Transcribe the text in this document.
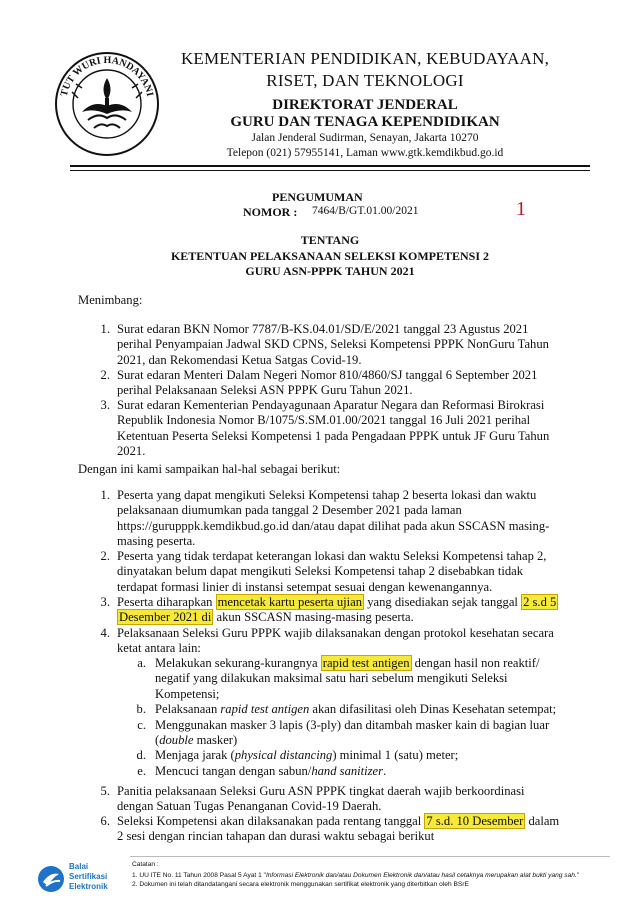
TUT WURI HANDAYANI
KEMENTERIAN PENDIDIKAN, KEBUDAYAAN,
RISET, DAN TEKNOLOGI
DIREKTORAT JENDERAL
GURU DAN TENAGA KEPENDIDIKAN
Jalan Jenderal Sudirman, Senayan, Jakarta 10270
Telepon (021) 57955141, Laman www.gtk.kemdikbud.go.id
PENGUMUMAN
NOMOR : 7464/B/GT.01.00/2021	1
TENTANG
KETENTUAN PELAKSANAAN SELEKSI KOMPETENSI 2
GURU ASN-PPPK TAHUN 2021
Menimbang:
1. Surat edaran BKN Nomor 7787/B-KS.04.01/SD/E/2021 tanggal 23 Agustus 2021
perihal Penyampaian Jadwal SKD CPNS, Seleksi Kompetensi PPPK NonGuru Tahun
2021, dan Rekomendasi Ketua Satgas Covid-19.
2. Surat edaran Menteri Dalam Negeri Nomor 810/4860/SJ tanggal 6 September 2021
perihal Pelaksanaan Seleksi ASN PPPK Guru Tahun 2021.
3. Surat edaran Kementerian Pendayagunaan Aparatur Negara dan Reformasi Birokrasi
Republik Indonesia Nomor B/1075/S.SM.01.00/2021 tanggal 16 Juli 2021 perihal
Ketentuan Peserta Seleksi Kompetensi 1 pada Pengadaan PPPK untuk JF Guru Tahun
2021.
Dengan ini kami sampaikan hal-hal sebagai berikut:
1. Peserta yang dapat mengikuti Seleksi Kompetensi tahap 2 beserta lokasi dan waktu
pelaksanaan diumumkan pada tanggal 2 Desember 2021 pada laman
https://gurupppk.kemdikbud.go.id dan/atau dapat dilihat pada akun SSCASN masing-
masing peserta.
2. Peserta yang tidak terdapat keterangan lokasi dan waktu Seleksi Kompetensi tahap 2,
dinyatakan belum dapat mengikuti Seleksi Kompetensi tahap 2 disebabkan tidak
terdapat formasi linier di instansi setempat sesuai dengan kewenangannya.
3. Peserta diharapkan mencetak kartu peserta ujian yang disediakan sejak tanggal 2 s.d 5
Desember 2021 di akun SSCASN masing-masing peserta.
4. Pelaksanaan Seleksi Guru PPPK wajib dilaksanakan dengan protokol kesehatan secara
ketat antara lain:
a. Melakukan sekurang-kurangnya rapid test antigen dengan hasil non reaktif/
negatif yang dilakukan maksimal satu hari sebelum mengikuti Seleksi
Kompetensi;
b. Pelaksanaan rapid test antigen akan difasilitasi oleh Dinas Kesehatan setempat;
c. Menggunakan masker 3 lapis (3-ply) dan ditambah masker kain di bagian luar
(double masker)
d. Menjaga jarak (physical distancing) minimal 1 (satu) meter;
e. Mencuci tangan dengan sabun/hand sanitizer.
5. Panitia pelaksanaan Seleksi Guru ASN PPPK tingkat daerah wajib berkoordinasi
dengan Satuan Tugas Penanganan Covid-19 Daerah.
6. Seleksi Kompetensi akan dilaksanakan pada rentang tanggal 7 s.d. 10 Desember dalam
2 sesi dengan rincian tahapan dan durasi waktu sebagai berikut
Balai
Sertifikasi
Elektronik
Catatan :
1. UU ITE No. 11 Tahun 2008 Pasal 5 Ayat 1 "Informasi Elektronik dan/atau Dokumen Elektronik dan/atau hasil cetaknya merupakan alat bukti yang sah."
2. Dokumen ini telah ditandatangani secara elektronik menggunakan sertifikat elektronik yang diterbitkan oleh BSrE
